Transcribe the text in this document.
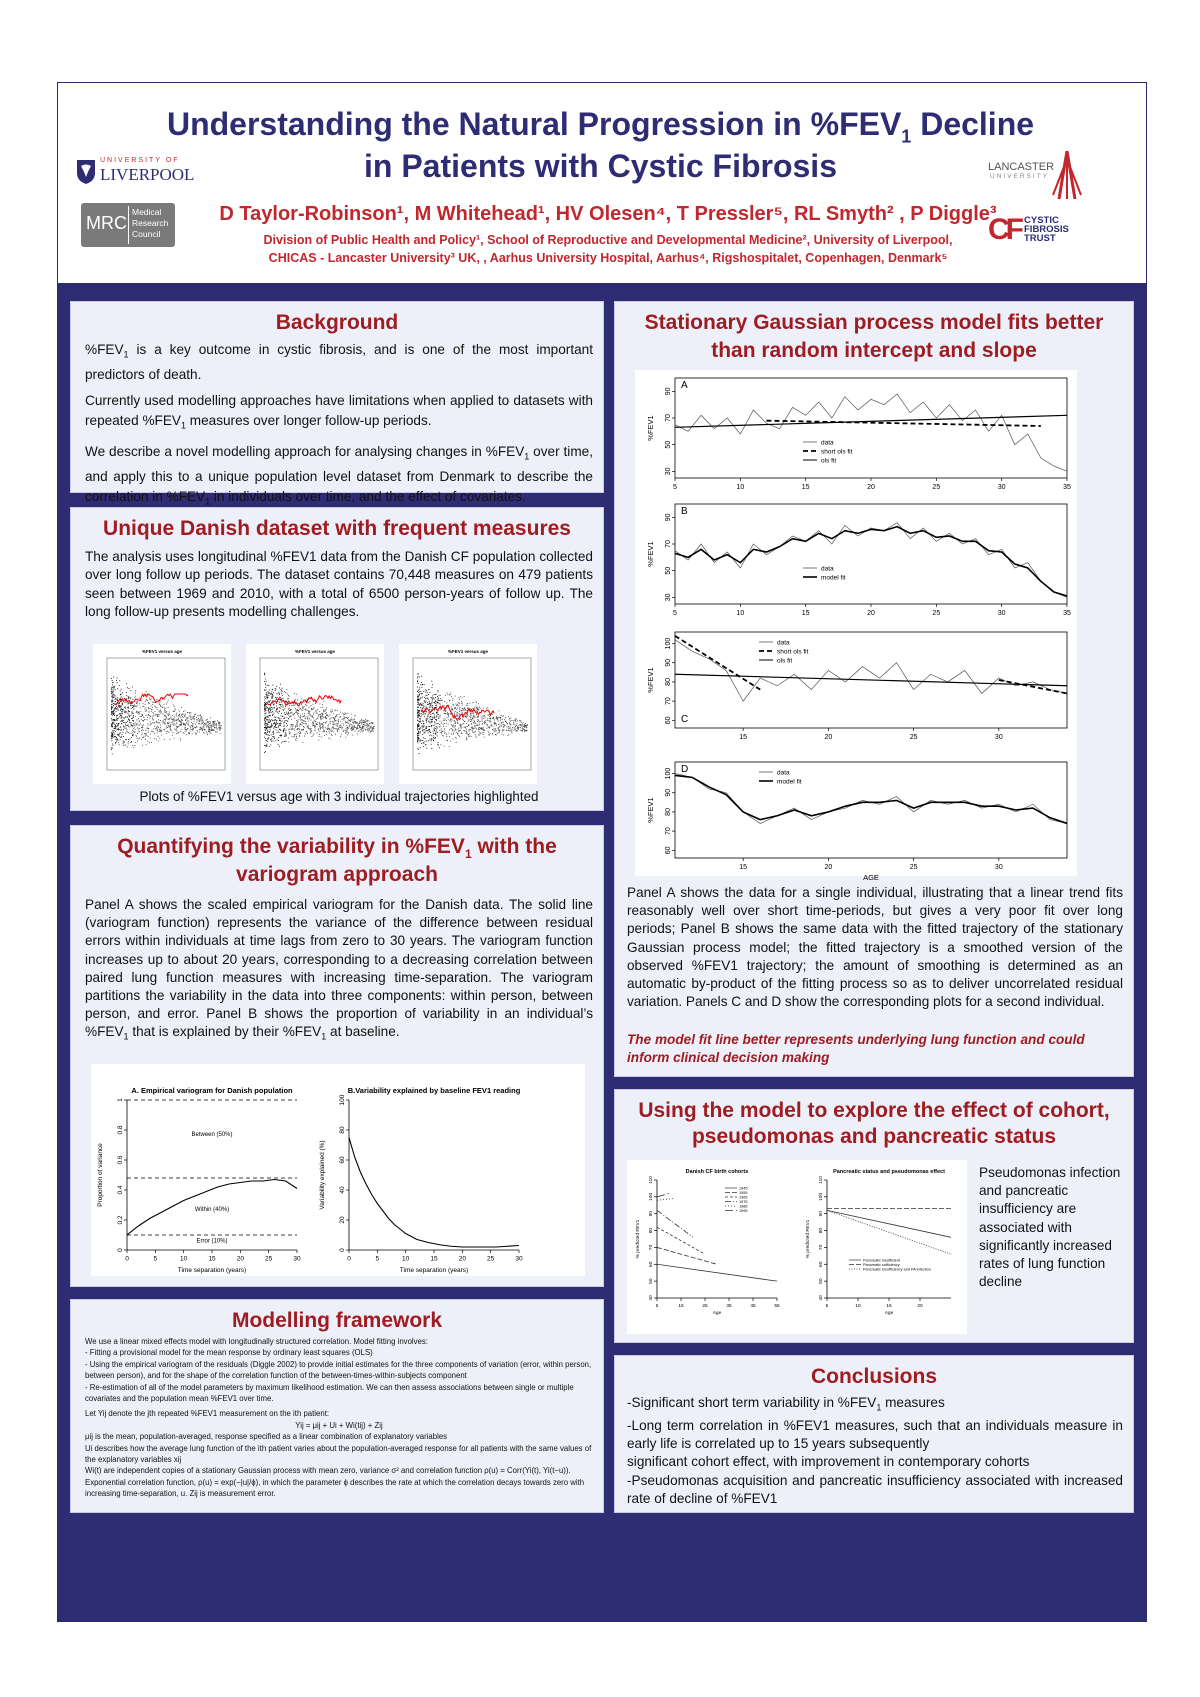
UNIVERSITY OF
LIVERPOOL
MRC
Medical
Research
Council
LANCASTER
UNIVERSITY
CF CYSTIC
FIBROSIS
TRUST
Understanding the Natural Progression in $\%FEV_1$ Decline
in Patients with Cystic Fibrosis
D Taylor-Robinson¹, M Whitehead¹, HV Olesen⁴, T Pressler⁵, RL Smyth² , P Diggle³
Division of Public Health and Policy¹, School of Reproductive and Developmental Medicine², University of Liverpool,
CHICAS - Lancaster University³ UK, , Aarhus University Hospital, Aarhus⁴, Rigshospitalet, Copenhagen, Denmark⁵
Background

$\%FEV_1$ is a key outcome in cystic fibrosis, and is one of the most important predictors of death.

Currently used modelling approaches have limitations when applied to datasets with repeated $\%FEV_1$ measures over longer follow-up periods.

We describe a novel modelling approach for analysing changes in $\%FEV_1$ over time, and apply this to a unique population level dataset from Denmark to describe the correlation in $\%FEV_1$ in individuals over time, and the effect of covariates.

Unique Danish dataset with frequent measures
The analysis uses longitudinal %FEV1 data from the Danish CF population collected over long follow up periods. The dataset contains 70,448 measures on 479 patients seen between 1969 and 2010, with a total of 6500 person-years of follow up. The long follow-up presents modelling challenges.
%FEV1 versus age	%FEV1 versus age	%FEV1 versus age
Plots of %FEV1 versus age with 3 individual trajectories highlighted
Quantifying the variability in $\%FEV_1$ with the
variogram approach
Panel A shows the scaled empirical variogram for the Danish data. The solid line (variogram function) represents the variance of the difference between residual errors within individuals at time lags from zero to 30 years. The variogram function increases up to about 20 years, corresponding to a decreasing correlation between paired lung function measures with increasing time-separation. The variogram partitions the variability in the data into three components: within person, between person, and error. Panel B shows the proportion of variability in an individual’s $\%FEV_1$ that is explained by their $\%FEV_1$ at baseline.
0	5	10	15	20	25	30
0
0.2
0.4
0.6
0.8
1
A. Empirical variogram for Danish population
Time separation (years)
Proportion of variance
Between (50%)
Within (40%)
Error (10%)
0	5	10	15	20	25	30
0
20
40
60
80
100
B.Variability explained by baseline FEV1 reading
Time separation (years)
Variability explained (%)
Modelling framework
We use a linear mixed effects model with longitudinally structured correlation. Model fitting involves:
- Fitting a provisional model for the mean response by ordinary least squares (OLS)
- Using the empirical variogram of the residuals (Diggle 2002) to provide initial estimates for the three components of variation (error, within person, between person), and for the shape of the correlation function of the between-times-within-subjects component
- Re-estimation of all of the model parameters by maximum likelihood estimation. We can then assess associations between single or multiple covariates and the population mean %FEV1 over time.
Let Yij denote the jth repeated %FEV1 measurement on the ith patient:
Yij = μij + Ui + Wi(tij) + Zij
μij is the mean, population-averaged, response specified as a linear combination of explanatory variables
Ui describes how the average lung function of the ith patient varies about the population-averaged response for all patients with the same values of the explanatory variables xij
Wi(t) are independent copies of a stationary Gaussian process with mean zero, variance σ² and correlation function ρ(u) = Corr(Yi(t), Yi(t−u)).
Exponential correlation function, ρ(u) = exp(−|u|/ϕ), in which the parameter ϕ describes the rate at which the correlation decays towards zero with increasing time-separation, u. Zij is measurement error.
Stationary Gaussian process model fits better
than random intercept and slope
5	10	15	20	25	30	35
30
50
70
90
%FEV1
A
data
short ols fit
ols fit
5	10	15	20	25	30	35
30
50
70
90
%FEV1
B
data
model fit
15	20	25	30
60
70
80
90
100
%FEV1
C
data
short ols fit
ols fit
15	20	25	30
60
70
80
90
100
AGE
%FEV1
D	data
model fit
Panel A shows the data for a single individual, illustrating that a linear trend fits reasonably well over short time-periods, but gives a very poor fit over long periods; Panel B shows the same data with the fitted trajectory of the stationary Gaussian process model; the fitted trajectory is a smoothed version of the observed %FEV1 trajectory; the amount of smoothing is determined as an automatic by-product of the fitting process so as to deliver uncorrelated residual variation. Panels C and D show the corresponding plots for a second individual.
The model fit line better represents underlying lung function and could inform clinical decision making
Using the model to explore the effect of cohort,
pseudomonas and pancreatic status
5	15	25	35	45	55
40
50
60
70
80
90
100
110
Danish CF birth cohorts
Age
% predicted FEV1
1945
1955
1965
1975
1985
1995
5	10	15	20
40
50
60
70
80
90
100
110
Pancreatic status and pseudomonas effect
Age
% predicted FEV1
Pancreatic insufficient
Pancreatic sufficiency
Pancreatic insufficiency and PA infection
Pseudomonas infection and pancreatic insufficiency are associated with significantly increased rates of lung function decline
Conclusions
-Significant short term variability in $\%FEV_1$ measures
-Long term correlation in %FEV1 measures, such that an individuals measure in early life is correlated up to 15 years subsequently
significant cohort effect, with improvement in contemporary cohorts
-Pseudomonas acquisition and pancreatic insufficiency associated with increased rate of decline of %FEV1
